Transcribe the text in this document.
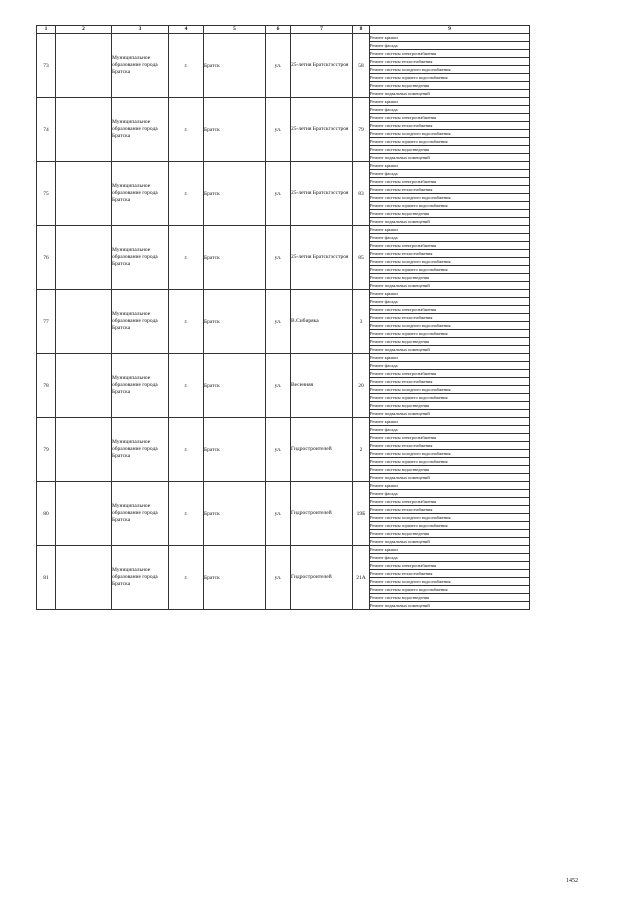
1	2	3	4	5	6	7	8	9
73		Муниципальное образование города Братска	г.	Братск	ул.	25-летия Братскгэсстроя	58	Ремонт крыши
								Ремонт фасада
								Ремонт системы электроснабжения
								Ремонт системы теплоснабжения
								Ремонт системы холодного водоснабжения
								Ремонт системы горячего водоснабжения
								Ремонт системы водоотведения
								Ремонт подвальных помещений
74		Муниципальное образование города Братска	г.	Братск	ул.	25-летия Братскгэсстроя	79	Ремонт крыши
								Ремонт фасада
								Ремонт системы электроснабжения
								Ремонт системы теплоснабжения
								Ремонт системы холодного водоснабжения
								Ремонт системы горячего водоснабжения
								Ремонт системы водоотведения
								Ремонт подвальных помещений
75		Муниципальное образование города Братска	г.	Братск	ул.	25-летия Братскгэсстроя	83	Ремонт крыши
								Ремонт фасада
								Ремонт системы электроснабжения
								Ремонт системы теплоснабжения
								Ремонт системы холодного водоснабжения
								Ремонт системы горячего водоснабжения
								Ремонт системы водоотведения
								Ремонт подвальных помещений
76		Муниципальное образование города Братска	г.	Братск	ул.	25-летия Братскгэсстроя	85	Ремонт крыши
								Ремонт фасада
								Ремонт системы электроснабжения
								Ремонт системы теплоснабжения
								Ремонт системы холодного водоснабжения
								Ремонт системы горячего водоснабжения
								Ремонт системы водоотведения
								Ремонт подвальных помещений
77		Муниципальное образование города Братска	г.	Братск	ул.	В.Сибиряка	3	Ремонт крыши
								Ремонт фасада
								Ремонт системы электроснабжения
								Ремонт системы теплоснабжения
								Ремонт системы холодного водоснабжения
								Ремонт системы горячего водоснабжения
								Ремонт системы водоотведения
								Ремонт подвальных помещений
78		Муниципальное образование города Братска	г.	Братск	ул.	Весенняя	20	Ремонт крыши
								Ремонт фасада
								Ремонт системы электроснабжения
								Ремонт системы теплоснабжения
								Ремонт системы холодного водоснабжения
								Ремонт системы горячего водоснабжения
								Ремонт системы водоотведения
								Ремонт подвальных помещений
79		Муниципальное образование города Братска	г.	Братск	ул.	Гидростроителей	2	Ремонт крыши
								Ремонт фасада
								Ремонт системы электроснабжения
								Ремонт системы теплоснабжения
								Ремонт системы холодного водоснабжения
								Ремонт системы горячего водоснабжения
								Ремонт системы водоотведения
								Ремонт подвальных помещений
80		Муниципальное образование города Братска	г.	Братск	ул.	Гидростроителей	19Б	Ремонт крыши
								Ремонт фасада
								Ремонт системы электроснабжения
								Ремонт системы теплоснабжения
								Ремонт системы холодного водоснабжения
								Ремонт системы горячего водоснабжения
								Ремонт системы водоотведения
								Ремонт подвальных помещений
81		Муниципальное образование города Братска	г.	Братск	ул.	Гидростроителей	21А	Ремонт крыши
								Ремонт фасада
								Ремонт системы электроснабжения
								Ремонт системы теплоснабжения
								Ремонт системы холодного водоснабжения
								Ремонт системы горячего водоснабжения
								Ремонт системы водоотведения
								Ремонт подвальных помещений
1452
